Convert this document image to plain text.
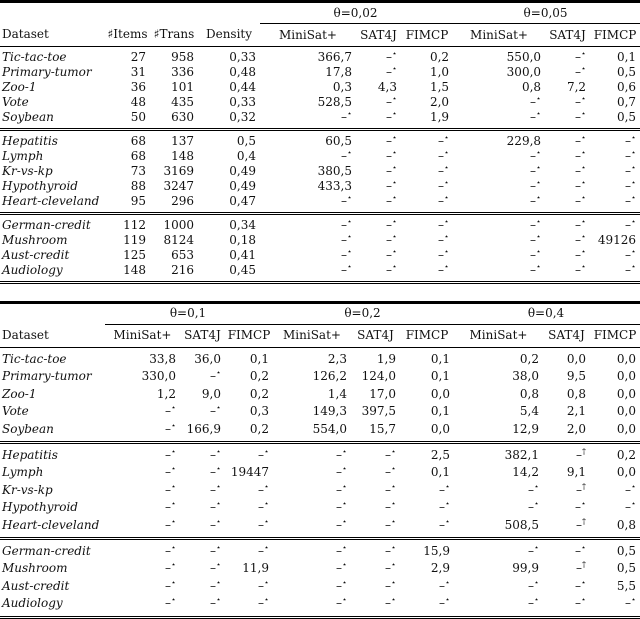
				θ=0,02			θ=0,05		
Dataset	♯Items	♯Trans	Density	MiniSat+	SAT4J	FIMCP	MiniSat+	SAT4J	FIMCP
Tic-tac-toe	27	958	0,33	366,7	–⋆	0,2	550,0	–⋆	0,1
Primary-tumor	31	336	0,48	17,8	–⋆	1,0	300,0	–⋆	0,5
Zoo-1	36	101	0,44	0,3	4,3	1,5	0,8	7,2	0,6
Vote	48	435	0,33	528,5	–⋆	2,0	–⋆	–⋆	0,7
Soybean	50	630	0,32	–⋆	–⋆	1,9	–⋆	–⋆	0,5
Hepatitis	68	137	0,5	60,5	–⋆	–⋆	229,8	–⋆	–⋆
Lymph	68	148	0,4	–⋆	–⋆	–⋆	–⋆	–⋆	–⋆
Kr-vs-kp	73	3169	0,49	380,5	–⋆	–⋆	–⋆	–⋆	–⋆
Hypothyroid	88	3247	0,49	433,3	–⋆	–⋆	–⋆	–⋆	–⋆
Heart-cleveland	95	296	0,47	–⋆	–⋆	–⋆	–⋆	–⋆	–⋆
German-credit	112	1000	0,34	–⋆	–⋆	–⋆	–⋆	–⋆	–⋆
Mushroom	119	8124	0,18	–⋆	–⋆	–⋆	–⋆	–⋆	49126
Aust-credit	125	653	0,41	–⋆	–⋆	–⋆	–⋆	–⋆	–⋆
Audiology	148	216	0,45	–⋆	–⋆	–⋆	–⋆	–⋆	–⋆
	θ=0,1			θ=0,2			θ=0,4		
Dataset	MiniSat+	SAT4J	FIMCP	MiniSat+	SAT4J	FIMCP	MiniSat+	SAT4J	FIMCP
Tic-tac-toe	33,8	36,0	0,1	2,3	1,9	0,1	0,2	0,0	0,0
Primary-tumor	330,0	–⋆	0,2	126,2	124,0	0,1	38,0	9,5	0,0
Zoo-1	1,2	9,0	0,2	1,4	17,0	0,0	0,8	0,8	0,0
Vote	–⋆	–⋆	0,3	149,3	397,5	0,1	5,4	2,1	0,0
Soybean	–⋆	166,9	0,2	554,0	15,7	0,0	12,9	2,0	0,0
Hepatitis	–⋆	–⋆	–⋆	–⋆	–⋆	2,5	382,1	–†	0,2
Lymph	–⋆	–⋆	19447	–⋆	–⋆	0,1	14,2	9,1	0,0
Kr-vs-kp	–⋆	–⋆	–⋆	–⋆	–⋆	–⋆	–⋆	–†	–⋆
Hypothyroid	–⋆	–⋆	–⋆	–⋆	–⋆	–⋆	–⋆	–⋆	–⋆
Heart-cleveland	–⋆	–⋆	–⋆	–⋆	–⋆	–⋆	508,5	–†	0,8
German-credit	–⋆	–⋆	–⋆	–⋆	–⋆	15,9	–⋆	–⋆	0,5
Mushroom	–⋆	–⋆	11,9	–⋆	–⋆	2,9	99,9	–†	0,5
Aust-credit	–⋆	–⋆	–⋆	–⋆	–⋆	–⋆	–⋆	–⋆	5,5
Audiology	–⋆	–⋆	–⋆	–⋆	–⋆	–⋆	–⋆	–⋆	–⋆
